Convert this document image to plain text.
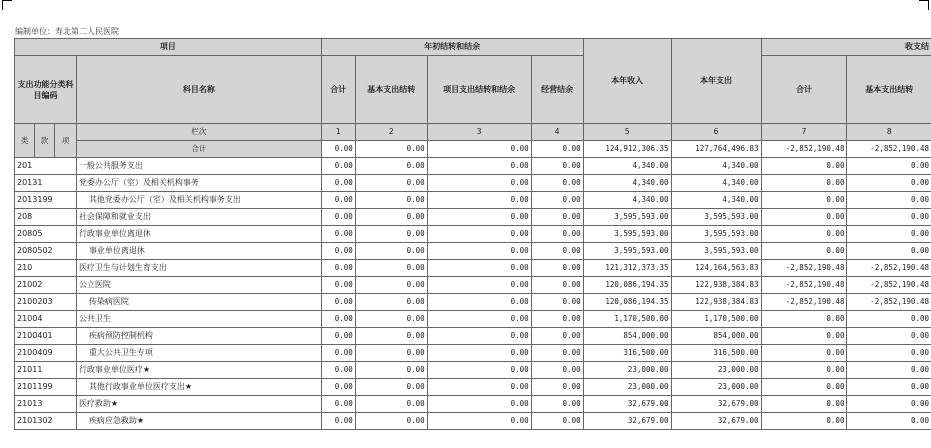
编制单位：寿北第二人民医院
项目				年初结转和结余				本年收入	本年支出	收支结	
支出功能分类科目编码			科目名称	合计	基本支出结转	项目支出结转和结余	经营结余			合计	基本支出结转

类	款	项	栏次	1	2	3	4	5	6	7	8
			合计	0.00	0.00	0.00	0.00	124,912,306.35	127,764,496.83	-2,852,190.48	-2,852,190.48
201			一般公共服务支出	0.00	0.00	0.00	0.00	4,340.00	4,340.00	0.00	0.00
20131			党委办公厅（室）及相关机构事务	0.00	0.00	0.00	0.00	4,340.00	4,340.00	0.00	0.00
2013199			其他党委办公厅（室）及相关机构事务支出	0.00	0.00	0.00	0.00	4,340.00	4,340.00	0.00	0.00
208			社会保障和就业支出	0.00	0.00	0.00	0.00	3,595,593.00	3,595,593.00	0.00	0.00
20805			行政事业单位离退休	0.00	0.00	0.00	0.00	3,595,593.00	3,595,593.00	0.00	0.00
2080502			事业单位离退休	0.00	0.00	0.00	0.00	3,595,593.00	3,595,593.00	0.00	0.00
210			医疗卫生与计划生育支出	0.00	0.00	0.00	0.00	121,312,373.35	124,164,563.83	-2,852,190.48	-2,852,190.48
21002			公立医院	0.00	0.00	0.00	0.00	120,086,194.35	122,938,384.83	-2,852,190.48	-2,852,190.48
2100203			传染病医院	0.00	0.00	0.00	0.00	120,086,194.35	122,938,384.83	-2,852,190.48	-2,852,190.48
21004			公共卫生	0.00	0.00	0.00	0.00	1,170,500.00	1,170,500.00	0.00	0.00
2100401			疾病预防控制机构	0.00	0.00	0.00	0.00	854,000.00	854,000.00	0.00	0.00
2100409			重大公共卫生专项	0.00	0.00	0.00	0.00	316,500.00	316,500.00	0.00	0.00
21011			行政事业单位医疗★	0.00	0.00	0.00	0.00	23,000.00	23,000.00	0.00	0.00
2101199			其他行政事业单位医疗支出★	0.00	0.00	0.00	0.00	23,000.00	23,000.00	0.00	0.00
21013			医疗救助★	0.00	0.00	0.00	0.00	32,679.00	32,679.00	0.00	0.00
2101302			疾病应急救助★	0.00	0.00	0.00	0.00	32,679.00	32,679.00	0.00	0.00
